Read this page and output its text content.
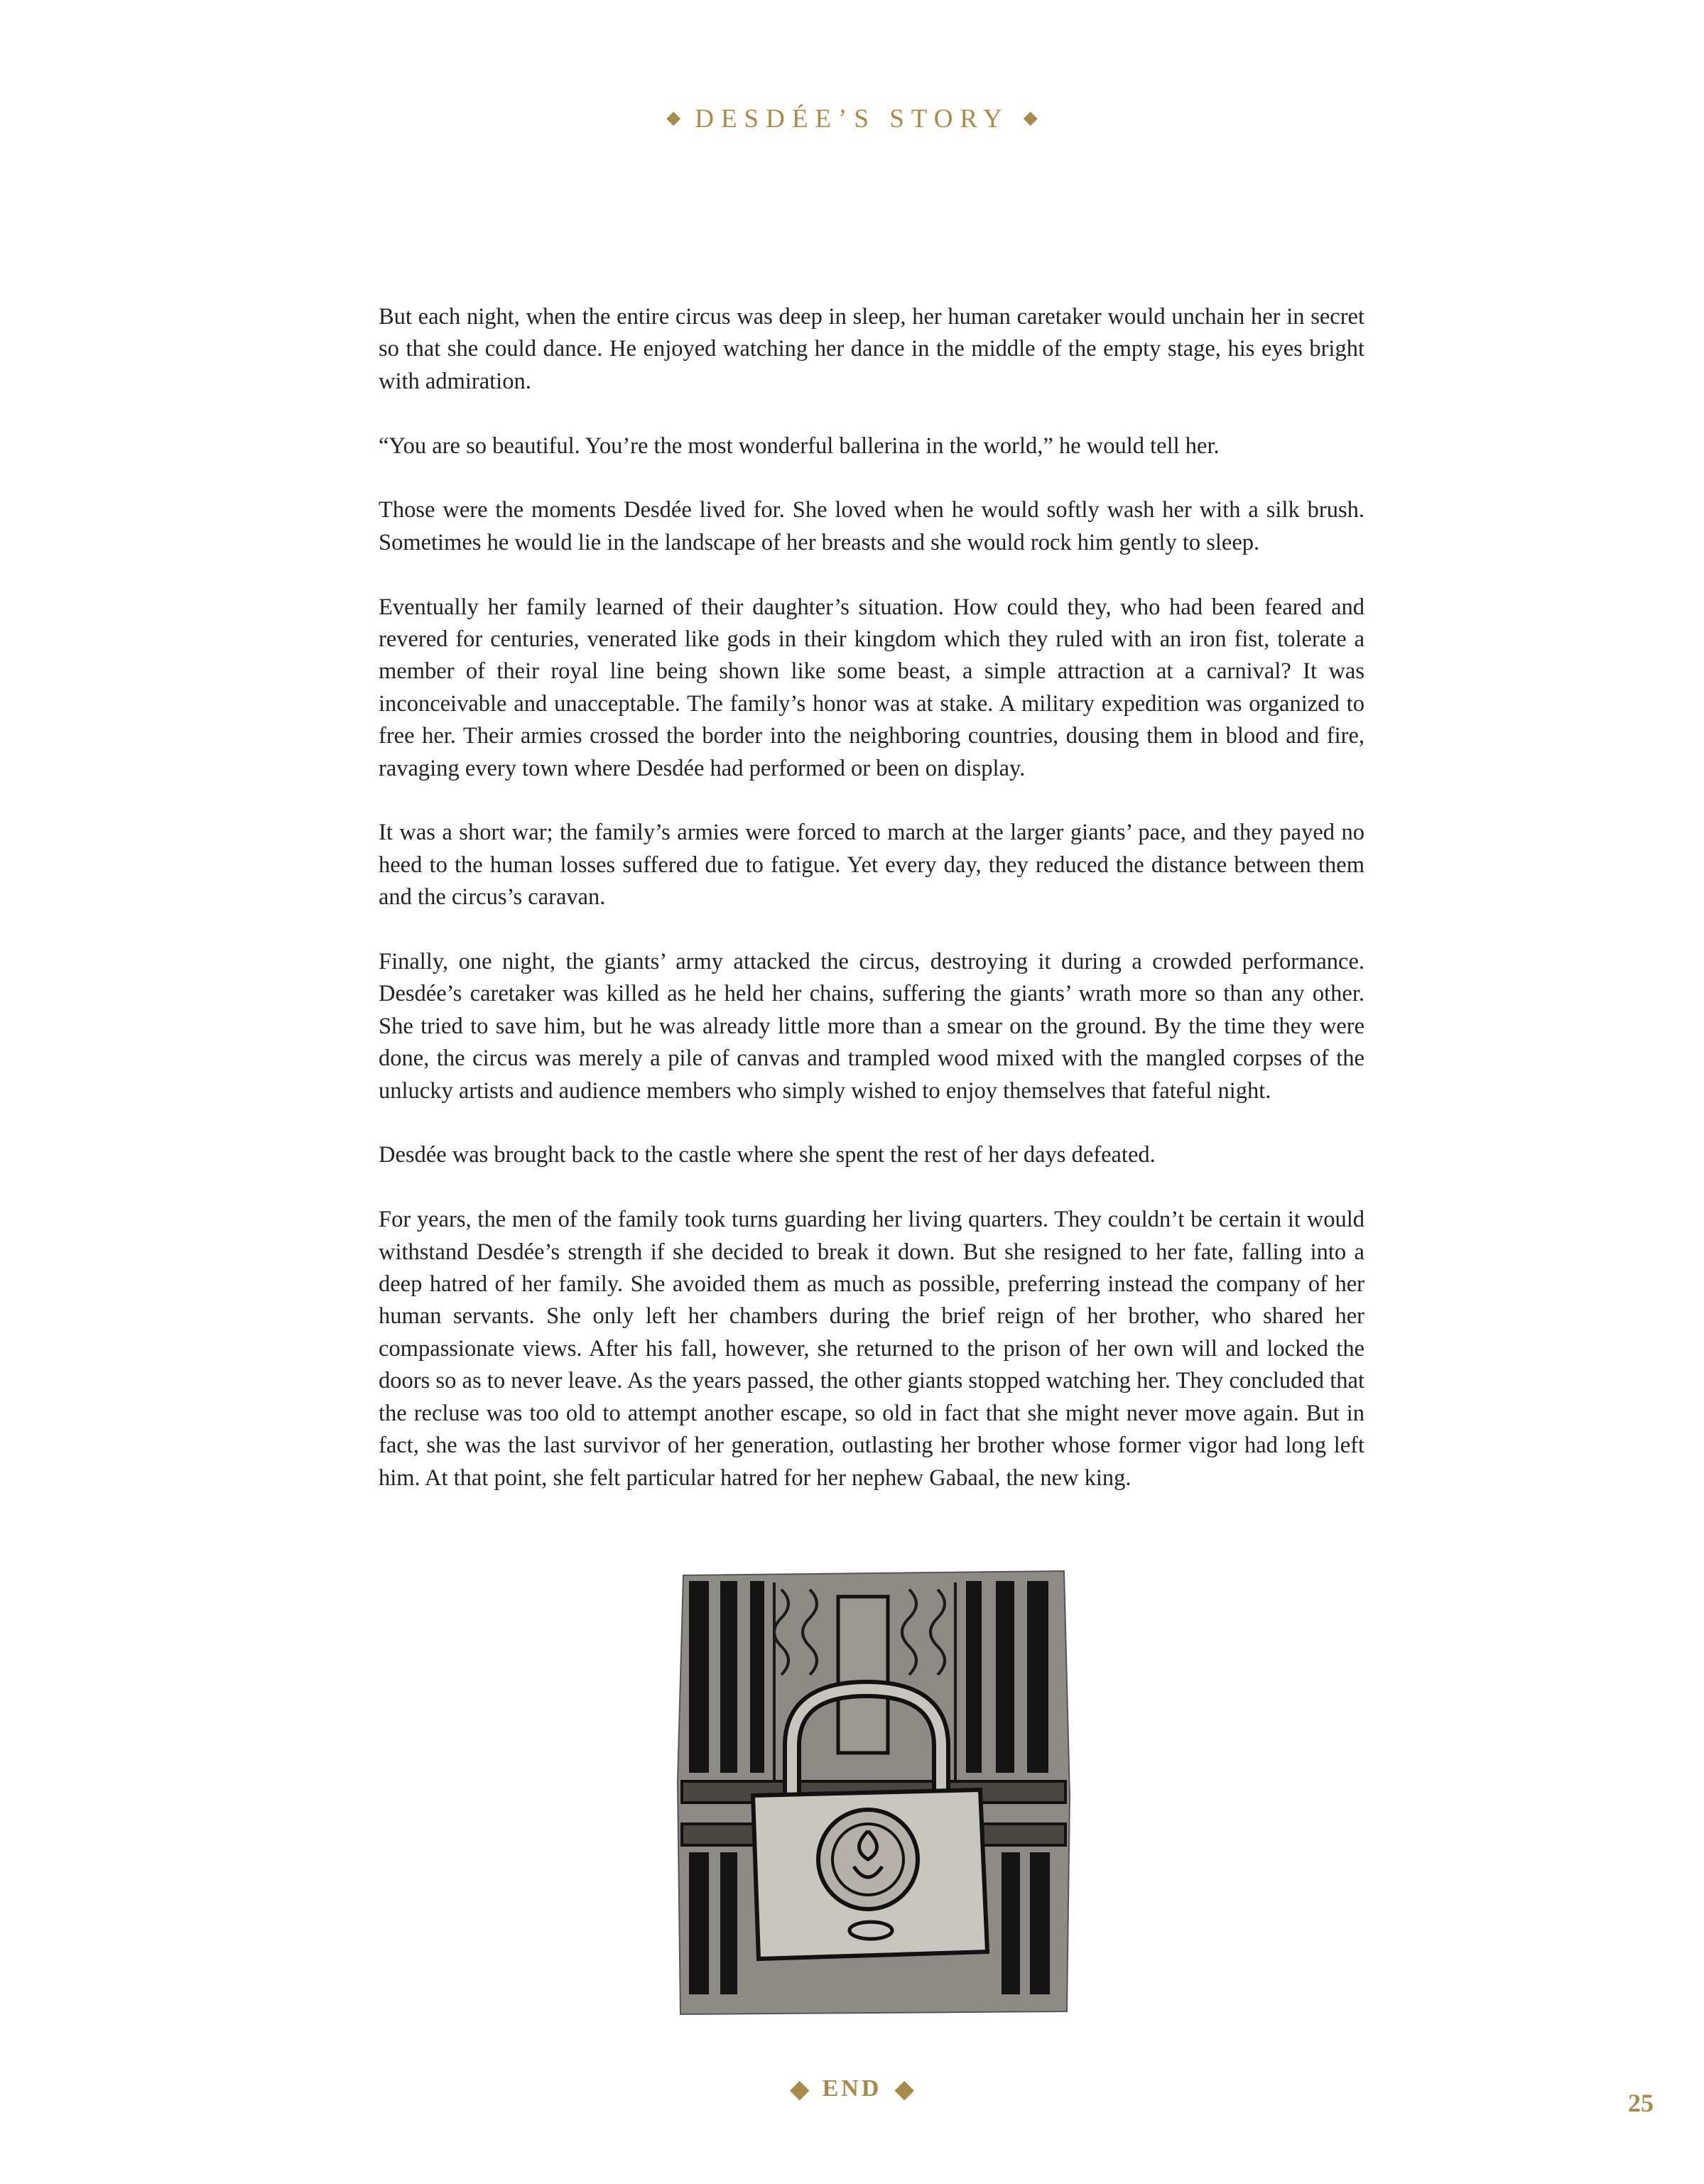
◆ DESDÉE’S STORY ◆

But each night, when the entire circus was deep in sleep, her human caretaker would unchain her in secret so that she could dance. He enjoyed watching her dance in the middle of the empty stage, his eyes bright with admiration.

“You are so beautiful. You’re the most wonderful ballerina in the world,” he would tell her.

Those were the moments Desdée lived for. She loved when he would softly wash her with a silk brush. Sometimes he would lie in the landscape of her breasts and she would rock him gently to sleep.

Eventually her family learned of their daughter’s situation. How could they, who had been feared and revered for centuries, venerated like gods in their kingdom which they ruled with an iron fist, tolerate a member of their royal line being shown like some beast, a simple attraction at a carnival? It was inconceivable and unacceptable. The family’s honor was at stake. A military expedition was organized to free her. Their armies crossed the border into the neighboring countries, dousing them in blood and fire, ravaging every town where Desdée had performed or been on display.

It was a short war; the family’s armies were forced to march at the larger giants’ pace, and they payed no heed to the human losses suffered due to fatigue. Yet every day, they reduced the distance between them and the circus’s caravan.

Finally, one night, the giants’ army attacked the circus, destroying it during a crowded performance. Desdée’s caretaker was killed as he held her chains, suffering the giants’ wrath more so than any other. She tried to save him, but he was already little more than a smear on the ground. By the time they were done, the circus was merely a pile of canvas and trampled wood mixed with the mangled corpses of the unlucky artists and audience members who simply wished to enjoy themselves that fateful night.

Desdée was brought back to the castle where she spent the rest of her days defeated.

For years, the men of the family took turns guarding her living quarters. They couldn’t be certain it would withstand Desdée’s strength if she decided to break it down. But she resigned to her fate, falling into a deep hatred of her family. She avoided them as much as possible, preferring instead the company of her human servants. She only left her chambers during the brief reign of her brother, who shared her compassionate views. After his fall, however, she returned to the prison of her own will and locked the doors so as to never leave. As the years passed, the other giants stopped watching her. They concluded that the recluse was too old to attempt another escape, so old in fact that she might never move again. But in fact, she was the last survivor of her generation, outlasting her brother whose former vigor had long left him. At that point, she felt particular hatred for her nephew Gabaal, the new king.

◆ END ◆	25
